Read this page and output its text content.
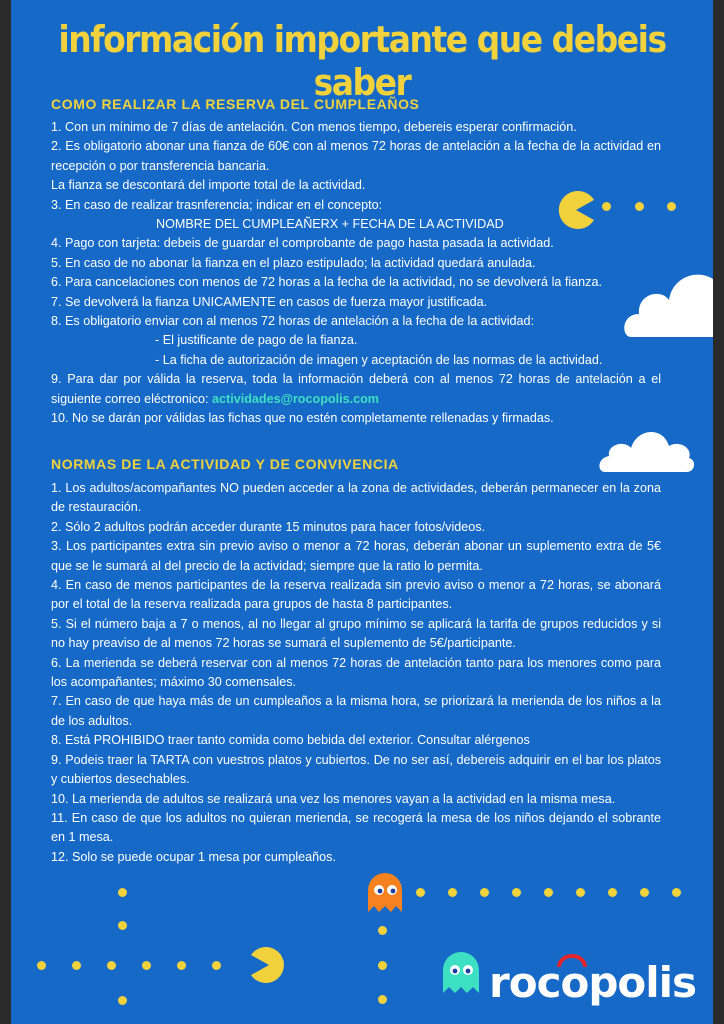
información importante que debeis saber
COMO REALIZAR LA RESERVA DEL CUMPLEAÑOS

1. Con un mínimo de 7 días de antelación. Con menos tiempo, debereis esperar confirmación.

2. Es obligatorio abonar una fianza de 60€ con al menos 72 horas de antelación a la fecha de la actividad en recepción o por transferencia bancaria.

La fianza se descontará del importe total de la actividad.

3. En caso de realizar trasnferencia; indicar en el concepto:

NOMBRE DEL CUMPLEAÑERX + FECHA DE LA ACTIVIDAD

4. Pago con tarjeta: debeis de guardar el comprobante de pago hasta pasada la actividad.

5. En caso de no abonar la fianza en el plazo estipulado; la actividad quedará anulada.

6. Para cancelaciones con menos de 72 horas a la fecha de la actividad, no se devolverá la fianza.

7. Se devolverá la fianza UNICAMENTE en casos de fuerza mayor justificada.

8. Es obligatorio enviar con al menos 72 horas de antelación a la fecha de la actividad:

- El justificante de pago de la fianza.

- La ficha de autorización de imagen y aceptación de las normas de la actividad.

9. Para dar por válida la reserva, toda la información deberá con al menos 72 horas de antelación a el siguiente correo eléctronico: actividades@rocopolis.com

10. No se darán por válidas las fichas que no estén completamente rellenadas y firmadas.

NORMAS DE LA ACTIVIDAD Y DE CONVIVENCIA

1. Los adultos/acompañantes NO pueden acceder a la zona de actividades, deberán permanecer en la zona de restauración.

2. Sólo 2 adultos podrán acceder durante 15 minutos para hacer fotos/videos.

3. Los participantes extra sin previo aviso o menor a 72 horas, deberán abonar un suplemento extra de 5€ que se le sumará al del precio de la actividad; siempre que la ratio lo permita.

4. En caso de menos participantes de la reserva realizada sin previo aviso o menor a 72 horas, se abonará por el total de la reserva realizada para grupos de hasta 8 participantes.

5. Si el número baja a 7 o menos, al no llegar al grupo mínimo se aplicará la tarifa de grupos reducidos y si no hay preaviso de al menos 72 horas se sumará el suplemento de 5€/participante.

6. La merienda se deberá reservar con al menos 72 horas de antelación tanto para los menores como para los acompañantes; máximo 30 comensales.

7. En caso de que haya más de un cumpleaños a la misma hora, se priorizará la merienda de los niños a la de los adultos.

8. Está PROHIBIDO traer tanto comida como bebida del exterior. Consultar alérgenos

9. Podeis traer la TARTA con vuestros platos y cubiertos. De no ser así, debereis adquirir en el bar los platos y cubiertos desechables.

10. La merienda de adultos se realizará una vez los menores vayan a la actividad en la misma mesa.

11. En caso de que los adultos no quieran merienda, se recogerá la mesa de los niños dejando el sobrante en 1 mesa.

12. Solo se puede ocupar 1 mesa por cumpleaños.

rocopolis
